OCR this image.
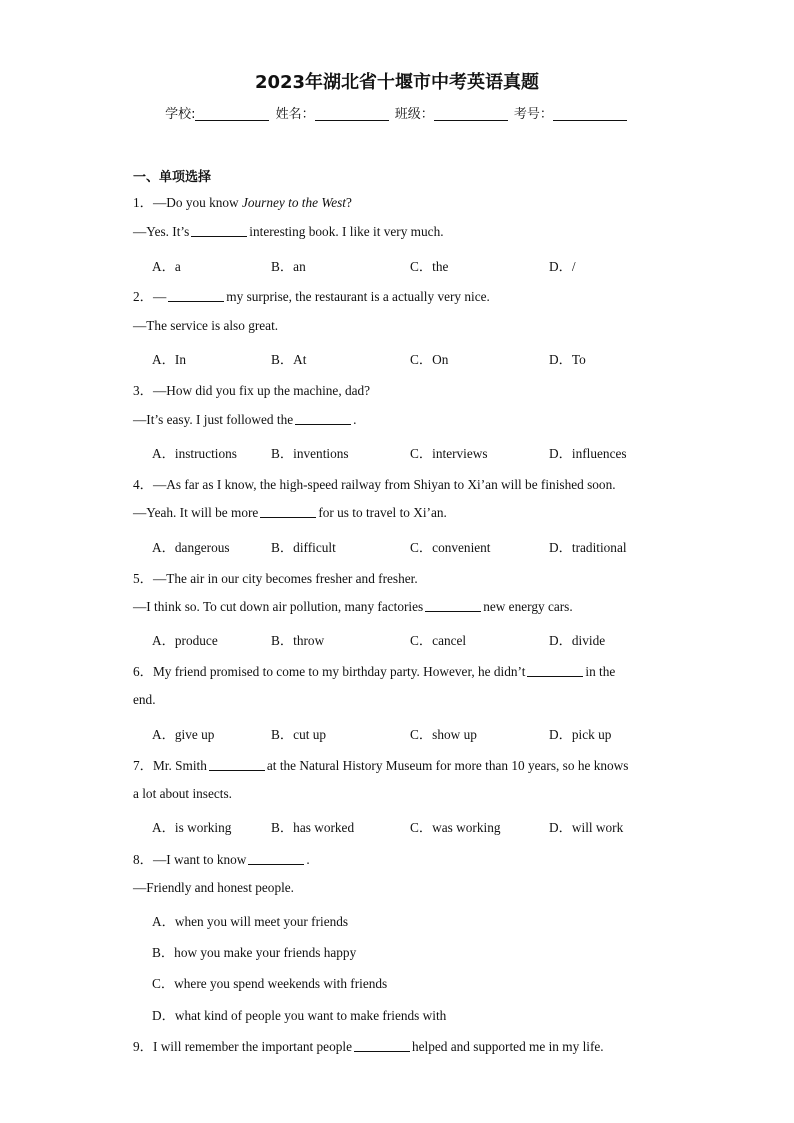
2023年湖北省十堰市中考英语真题
学校:	姓名：	班级：	考号：
一、单项选择
1．—Do you know Journey to the West?
—Yes. It’s	interesting book. I like it very much.
A．a	B．an	C．the	D．/
2．—	my surprise, the restaurant is a actually very nice.
—The service is also great.
A．In	B．At	C．On	D．To
3．—How did you fix up the machine, dad?
—It’s easy. I just followed the	.
A．instructions	B．inventions	C．interviews	D．influences
4．—As far as I know, the high-speed railway from Shiyan to Xi’an will be finished soon.
—Yeah. It will be more	for us to travel to Xi’an.
A．dangerous	B．difficult	C．convenient	D．traditional
5．—The air in our city becomes fresher and fresher.
—I think so. To cut down air pollution, many factories	new energy cars.
A．produce	B．throw	C．cancel	D．divide
6．My friend promised to come to my birthday party. However, he didn’t	in the
end.
A．give up	B．cut up	C．show up	D．pick up
7．Mr. Smith	at the Natural History Museum for more than 10 years, so he knows
a lot about insects.
A．is working	B．has worked	C．was working	D．will work
8．—I want to know	.
—Friendly and honest people.
A．when you will meet your friends
B．how you make your friends happy
C．where you spend weekends with friends
D．what kind of people you want to make friends with
9．I will remember the important people	helped and supported me in my life.
